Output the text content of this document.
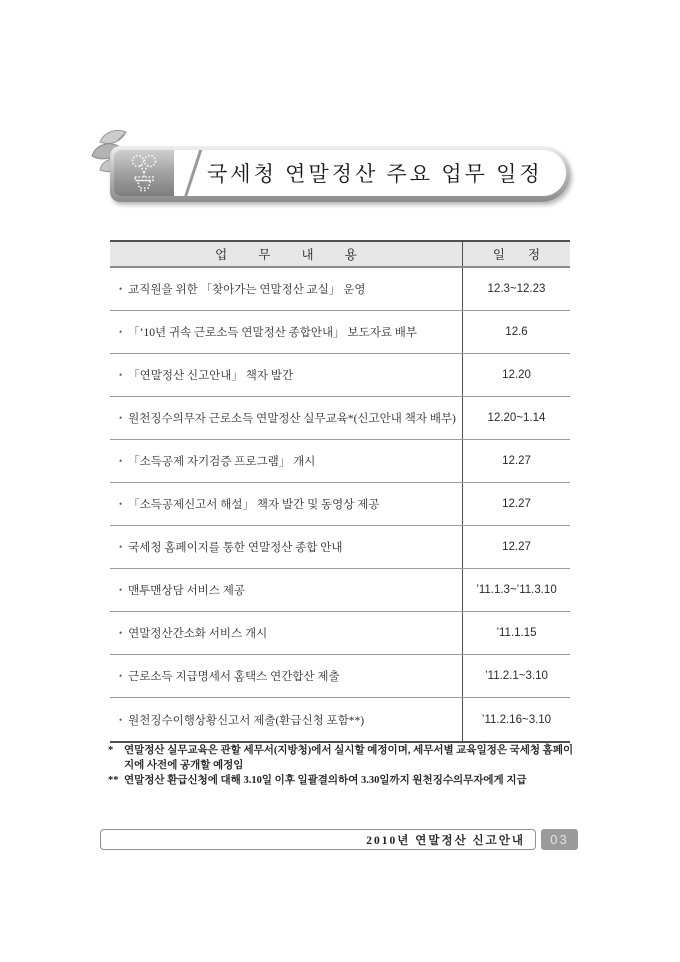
국세청 연말정산 주요 업무 일정
업 무 내 용	일 정
• 교직원을 위한 「찾아가는 연말정산 교실」 운영	12.3~12.23
• 「’10년 귀속 근로소득 연말정산 종합안내」 보도자료 배부	12.6
• 「연말정산 신고안내」 책자 발간	12.20
• 원천징수의무자 근로소득 연말정산 실무교육*(신고안내 책자 배부)	12.20~1.14
• 「소득공제 자기검증 프로그램」 개시	12.27
• 「소득공제신고서 해설」 책자 발간 및 동영상 제공	12.27
• 국세청 홈페이지를 통한 연말정산 종합 안내	12.27
• 맨투맨상담 서비스 제공	’11.1.3~’11.3.10
• 연말정산간소화 서비스 개시	’11.1.15
• 근로소득 지급명세서 홈택스 연간합산 제출	’11.2.1~3.10
• 원천징수이행상황신고서 제출(환급신청 포함**)	’11.2.16~3.10
*	연말정산 실무교육은 관할 세무서(지방청)에서 실시할 예정이며, 세무서별 교육일정은 국세청 홈페이지에 사전에 공개할 예정임
** 연말정산 환급신청에 대해 3.10일 이후 일괄결의하여 3.30일까지 원천징수의무자에게 지급
2010년 연말정산 신고안내	03
